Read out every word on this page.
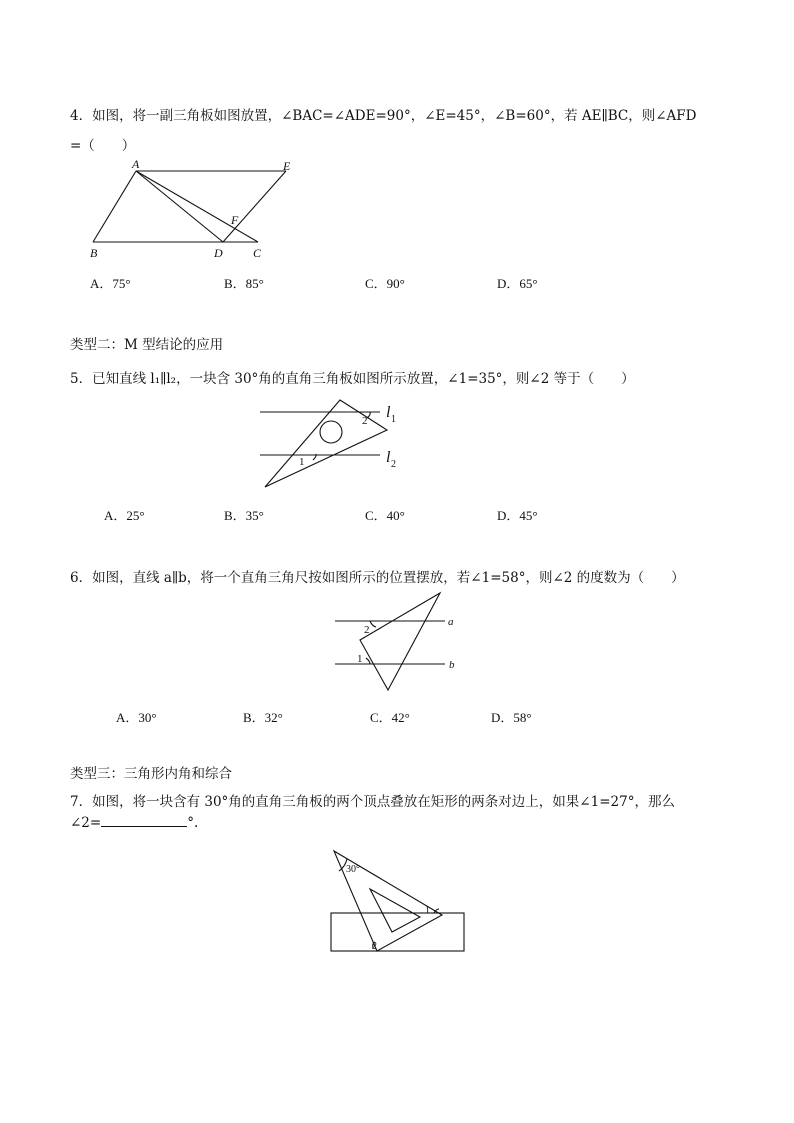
4．如图，将一副三角板如图放置，∠BAC=∠ADE=90°，∠E=45°，∠B=60°，若 AE∥BC，则∠AFD
=（　　）
A	E
F
B	D	C
A．75°	B．85°	C．90°	D．65°
类型二：M 型结论的应用
5．已知直线 l₁∥l₂，一块含 30°角的直角三角板如图所示放置，∠1=35°，则∠2 等于（　　）
1
2 l 1
l 2
A．25°	B．35°	C．40°	D．45°
6．如图，直线 a∥b，将一个直角三角尺按如图所示的位置摆放，若∠1=58°，则∠2 的度数为（　　）
2
1
a
b
A．30°	B．32°	C．42°	D．58°
类型三：三角形内角和综合
7．如图，将一块含有 30°角的直角三角板的两个顶点叠放在矩形的两条对边上，如果∠1=27°，那么
∠2=	°.
30°
1
2
